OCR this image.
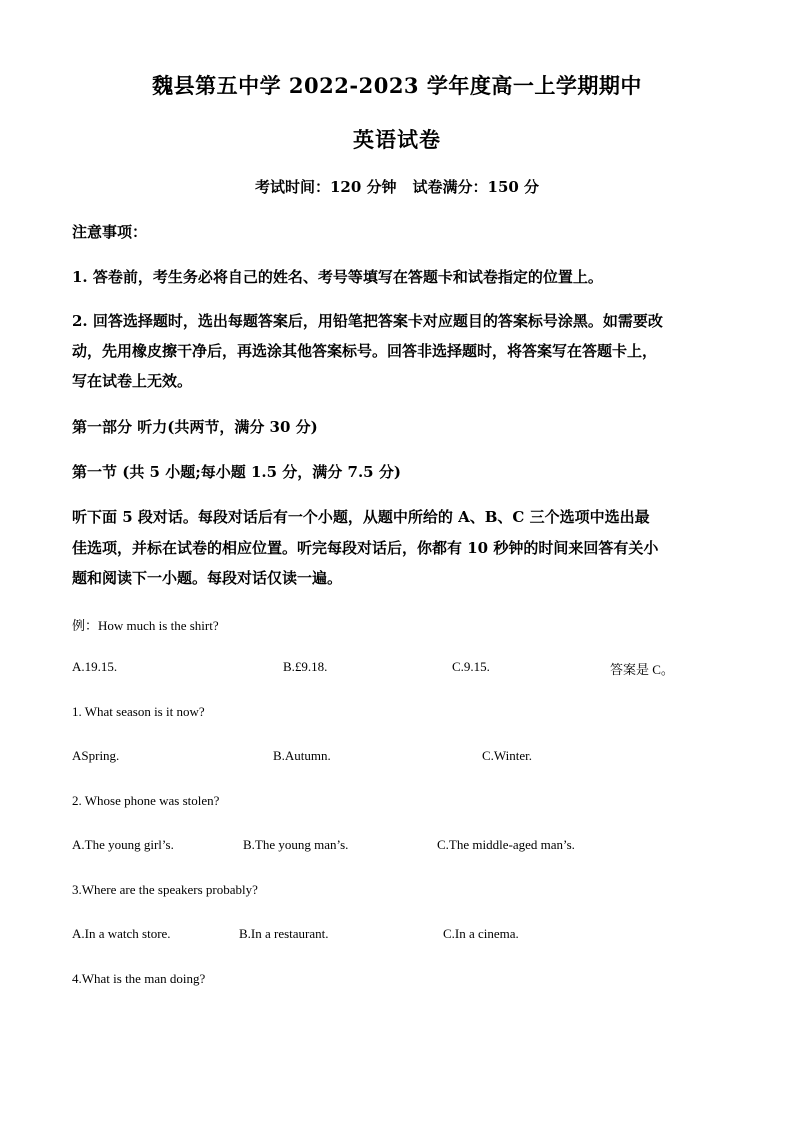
魏县第五中学 2022-2023 学年度高一上学期期中
英语试卷
考试时间：120 分钟 试卷满分：150 分
注意事项：
1. 答卷前，考生务必将自己的姓名、考号等填写在答题卡和试卷指定的位置上。
2. 回答选择题时，选出每题答案后，用铅笔把答案卡对应题目的答案标号涂黑。如需要改
动，先用橡皮擦干净后，再选涂其他答案标号。回答非选择题时，将答案写在答题卡上，
写在试卷上无效。
第一部分 听力(共两节，满分 30 分)
第一节 (共 5 小题;每小题 1.5 分，满分 7.5 分)
听下面 5 段对话。每段对话后有一个小题，从题中所给的 A、B、C 三个选项中选出最
佳选项，并标在试卷的相应位置。听完每段对话后，你都有 10 秒钟的时间来回答有关小
题和阅读下一小题。每段对话仅读一遍。
例：How much is the shirt?
A.19.15.	B.£9.18.	C.9.15.	答案是 C。
1. What season is it now?
ASpring.	B.Autumn.	C.Winter.
2. Whose phone was stolen?
A.The young girl’s.	B.The young man’s.	C.The middle-aged man’s.
3.Where are the speakers probably?
A.In a watch store.	B.In a restaurant.	C.In a cinema.
4.What is the man doing?
